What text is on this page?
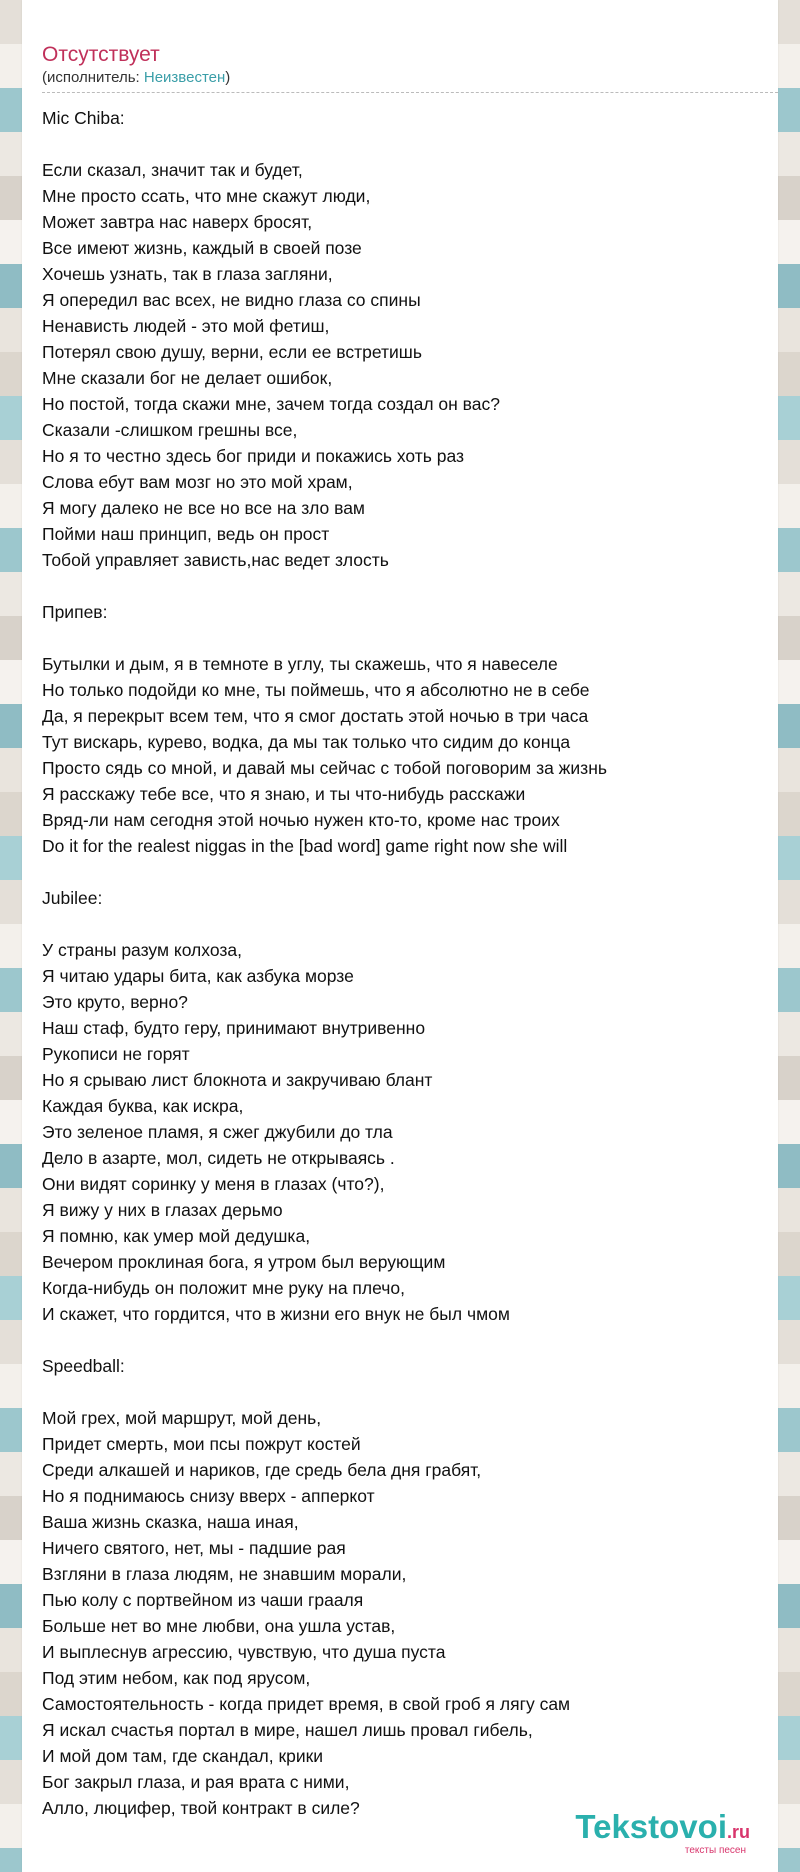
Отсутствует
(исполнитель: Неизвестен)
Mic Chiba:
Если сказал, значит так и будет,
Мне просто ссать, что мне скажут люди,
Может завтра нас наверх бросят,
Все имеют жизнь, каждый в своей позе
Хочешь узнать, так в глаза загляни,
Я опередил вас всех, не видно глаза со спины
Ненависть людей - это мой фетиш,
Потерял свою душу, верни, если ее встретишь
Мне сказали бог не делает ошибок,
Но постой, тогда скажи мне, зачем тогда создал он вас?
Сказали -слишком грешны все,
Но я то честно здесь бог приди и покажись хоть раз
Слова ебут вам мозг но это мой храм,
Я могу далеко не все но все на зло вам
Пойми наш принцип, ведь он прост
Тобой управляет зависть,нас ведет злость
Припев:
Бутылки и дым, я в темноте в углу, ты скажешь, что я навеселе
Но только подойди ко мне, ты поймешь, что я абсолютно не в себе
Да, я перекрыт всем тем, что я смог достать этой ночью в три часа
Тут вискарь, курево, водка, да мы так только что сидим до конца
Просто сядь со мной, и давай мы сейчас с тобой поговорим за жизнь
Я расскажу тебе все, что я знаю, и ты что-нибудь расскажи
Вряд-ли нам сегодня этой ночью нужен кто-то, кроме нас троих
Do it for the realest niggas in the [bad word] game right now she will
Jubilee:
У страны разум колхоза,
Я читаю удары бита, как азбука морзе
Это круто, верно?
Наш стаф, будто геру, принимают внутривенно
Рукописи не горят
Но я срываю лист блокнота и закручиваю блант
Каждая буква, как искра,
Это зеленое пламя, я сжег джубили до тла
Дело в азарте, мол, сидеть не открываясь .
Они видят соринку у меня в глазах (что?),
Я вижу у них в глазах дерьмо
Я помню, как умер мой дедушка,
Вечером проклиная бога, я утром был верующим
Когда-нибудь он положит мне руку на плечо,
И скажет, что гордится, что в жизни его внук не был чмом
Speedball:
Мой грех, мой маршрут, мой день,
Придет смерть, мои псы пожрут костей
Среди алкашей и нариков, где средь бела дня грабят,
Но я поднимаюсь снизу вверх - апперкот
Ваша жизнь сказка, наша иная,
Ничего святого, нет, мы - падшие рая
Взгляни в глаза людям, не знавшим морали,
Пью колу с портвейном из чаши грааля
Больше нет во мне любви, она ушла устав,
И выплеснув агрессию, чувствую, что душа пуста
Под этим небом, как под ярусом,
Самостоятельность - когда придет время, в свой гроб я лягу сам
Я искал счастья портал в мире, нашел лишь провал гибель,
И мой дом там, где скандал, крики
Бог закрыл глаза, и рая врата с ними,
Алло, люцифер, твой контракт в силе?	Tekstovoi.ru
тексты песен
